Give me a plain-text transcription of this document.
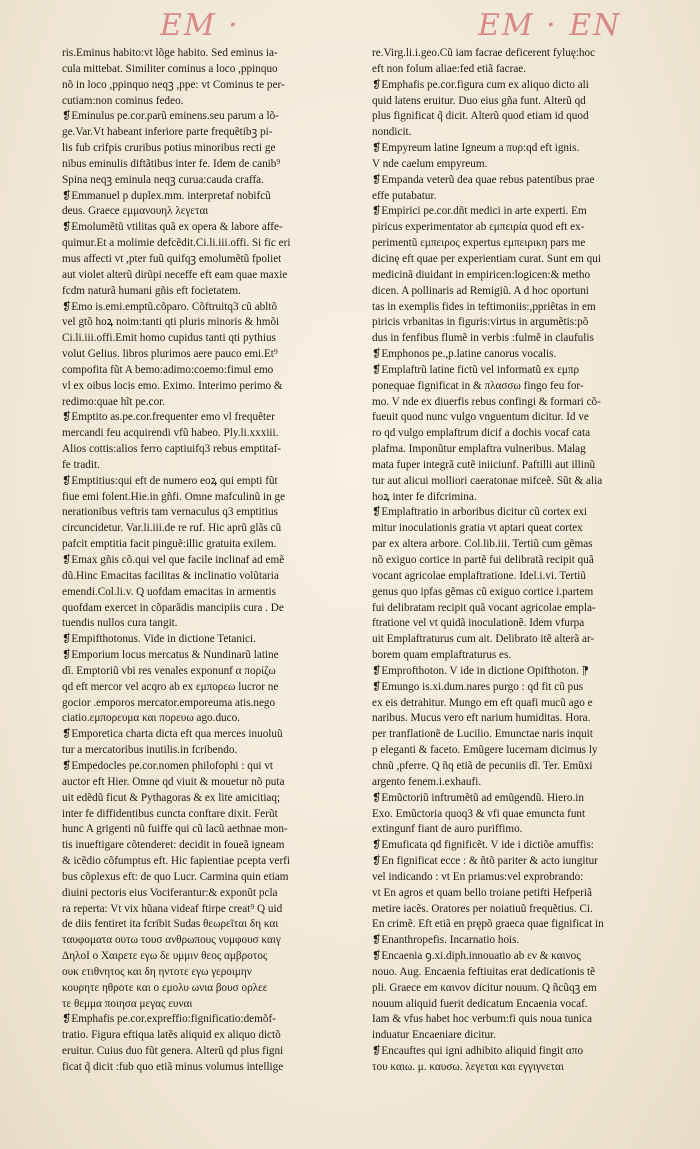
EM ·	EM · EN
ris.Eminus habito:vt lõge habito. Sed eminus ia-
cula mittebat. Similiter cominus a loco ,ppinquo
nõ in loco ,ppinquo neqꝫ ,ppe: vt Cominus te per-
cutiam:non cominus fedeo.
❡Eminulus pe.cor.parũ eminens.seu parum a lõ-
ge.Var.Vt habeant inferiore parte frequẽtibꝫ pi-
lis fub crifpis cruribus potius minoribus recti ge
nibus eminulis diftãtibus inter fe. Idem de canib⁹
Spina neqꝫ eminula neqꝫ curua:cauda craffa.
❡Emmanuel p duplex.mm. interpretaf nobifcũ
deus. Graece εμμανουηλ λεγεται
❡Emolumẽtũ vtilitas quã ex opera & labore affe-
quimur.Et a molimie defcẽdit.Ci.li.iii.offi. Si fic eri
mus affecti vt ,pter fuũ quifqꝫ emolumẽtũ fpoliet
aut violet alterũ dirũpi neceffe eft eam quae maxie
fcdm naturã humani gñis eft focietatem.
❡Emo is.emi.emptũ.cõparo. Cõftruitq3 cũ abltõ
vel gtõ hoꝝ noim:tanti qti pluris minoris & hmõi
Ci.li.iii.offi.Emit homo cupidus tanti qti pythius
volut Gelius. libros plurimos aere pauco emi.Et⁹
compofita fũt A bemo:adimo:coemo:fimul emo
vl ex oibus locis emo. Eximo. Interimo perimo &
redimo:quae hĩt pe.cor.
❡Emptito as.pe.cor.frequenter emo vl frequẽter
mercandi feu acquirendi vfũ habeo. Ply.li.xxxiii.
Alios cottis:alios ferro captiuifq3 rebus emptitaf-
fe tradit.
❡Emptitius:qui eft de numero eoꝝ qui empti fũt
fiue emi folent.Hie.in gñfi. Omne mafculinũ in ge
nerationibus veftris tam vernaculus q3 emptitius
circuncidetur. Var.li.iii.de re ruf. Hic aprũ glãs cũ
pafcit emptitia facit pinguẽ:illic gratuita exilem.
❡Emax gñis cõ.qui vel que facile inclinaf ad emẽ
dũ.Hinc Emacitas facilitas & inclinatio volũtaria
emendi.Col.li.v. Q uofdam emacitas in armentis
quofdam exercet in cõparãdis mancipiis cura . De
tuendis nullos cura tangit.
❡Empifthotonus. Vide in dictione Tetanici.
❡Emporium locus mercatus & Nundinarũ latine
dĩ. Emptoriũ vbi res venales exponunf α πορίζω
qd eft mercor vel acqro ab ex εμπορεω lucror ne
gocior .emporos mercator.emporeuma atis.nego
ciatio.εμπορευμα και πορευω ago.duco.
❡Emporetica charta dicta eft qua merces inuoluũ
tur a mercatoribus inutilis.in fcribendo.
❡Empedocles pe.cor.nomen philofophi : qui vt
auctor eft Hier. Omne qd viuit & mouetur nõ puta
uit edẽdũ ficut & Pythagoras & ex lite amicitiaq;
inter fe diffidentibus cuncta conftare dixit. Ferũt
hunc A grigenti nũ fuiffe qui cũ lacũ aethnae mon-
tis inueftigare cõtenderet: decidit in foueã igneam
& icẽdio cõfumptus eft. Hic fapientiae pcepta verfi
bus cõplexus eft: de quo Lucr. Carmina quin etiam
diuini pectoris eius Vociferantur:& exponũt pcla
ra reperta: Vt vix hũana videaf ftirpe creat⁹ Q uid
de diis fentiret ita fcribit Sudas θεωρεῖται δη και
ταυφοματα ουτω τουσ ανθρωπους νυμφουσ καιγ
ΔηλοΙ ο Χαιρετε εγω δε υμμιν θεος αμβροτος
ουκ ετιθνητος και δη ηντοτε εγω γεροιμην
κουρητε ηθροτε και ο εμολυ ωνια βουσ ορλεε
τε θεμμα ποιησα μεγας ευναι
❡Emphafis pe.cor.expreffio:fignificatio:demõf-
tratio. Figura eftiqua latẽs aliquid ex aliquo dictõ
eruitur. Cuius duo fũt genera. Alterũ qd plus figni
ficat q̃ dicit :fub quo etiã minus volumus intellige
re.Virg.li.i.geo.Cũ iam facrae deficerent fyluę:hoc
eft non folum aliae:fed etiã facrae.
❡Emphafis pe.cor.figura cum ex aliquo dicto ali
quid latens eruitur. Duo eius gña funt. Alterũ qd
plus fignificat q̃ dicit. Alterũ quod etiam id quod
nondicit.
❡Empyreum latine Igneum a πυρ:qd eft ignis.
V nde caelum empyreum.
❡Empanda veterũ dea quae rebus patentibus prae
effe putabatur.
❡Empirici pe.cor.dñt medici in arte experti. Em
piricus experimentator ab εμπειρία quod eft ex-
perimentũ εμπειρος expertus εμπειρικη pars me
dicinę eft quae per experientiam curat. Sunt em qui
medicinã diuidant in empiricen:logicen:& metho
dicen. A pollinaris ad Remigiũ. A d hoc oportuni
tas in exemplis fides in teftimoniis:,ppriẽtas in em
piricis vrbanitas in figuris:virtus in argumẽtis:põ
dus in fenfibus flumẽ in verbis :fulmẽ in claufulis
❡Emphonos pe.,p.latine canorus vocalis.
❡Emplaftrũ latine fictũ vel informatũ ex εμπρ
ponequae fignificat in & πλασσω fingo feu for-
mo. V nde ex diuerfis rebus confingi & formari cõ-
fueuit quod nunc vulgo vnguentum dicitur. Id ve
ro qd vulgo emplaftrum dicif a dochis vocaf cata
plafma. Imponũtur emplaftra vulneribus. Malag
mata fuper integrã cutẽ iniiciunf. Paftilli aut illinũ
tur aut alicui molliori caeratonae mifceẽ. Sũt & alia
hoꝝ inter fe difcrimina.
❡Emplaftratio in arboribus dicitur cũ cortex exi
mitur inoculationis gratia vt aptari queat cortex
par ex altera arbore. Col.lib.iii. Tertiũ cum gẽmas
nõ exiguo cortice in partẽ fui delibratã recipit quã
vocant agricolae emplaftratione. Idel.i.vi. Tertiũ
genus quo ipfas gẽmas cũ exiguo cortice i.partem
fui delibratam recipit quã vocant agricolae empla-
ftratione vel vt quidã inoculationẽ. Idem vfurpa
uit Emplaftraturus cum ait. Delibrato itẽ alterã ar-
borem quam emplaftraturus es.
❡Emprofthoton. V ide in dictione Opifthoton. ⁋
❡Emungo is.xi.dum.nares purgo : qd fit cũ pus
ex eis detrahitur. Mungo em eft quafi mucũ ago e
naribus. Mucus vero eft narium humiditas. Hora.
per tranflationẽ de Lucilio. Emunctae naris inquit
p eleganti & faceto. Emũgere lucernam dicimus ly
chnũ ,pferre. Q ñq etiã de pecuniis dĩ. Ter. Emũxi
argento fenem.i.exhaufi.
❡Emũctoriũ inftrumẽtũ ad emũgendũ. Hiero.in
Exo. Emũctoria quoq3 & vfi quae emuncta funt
extingunf fiant de auro puriffimo.
❡Emuficata qd fignificẽt. V ide i dictiõe amuffis:
❡En fignificat ecce : & ñtõ pariter & acto iungitur
vel indicando : vt En priamus:vel exprobrando:
vt En agros et quam bello troiane petifti Hefperiã
metire iacẽs. Oratores per noiatiuũ frequẽtius. Ci.
En crimẽ. Eft etiã en prępõ graeca quae fignificat in
❡Enanthropefis. Incarnatio hois.
❡Encaenia ꝯ.xi.diph.innouatio ab εν & καινος
nouo. Aug. Encaenia feftiuitas erat dedicationis tẽ
pli. Graece em καινον dicitur nouum. Q ñcũqꝫ em
nouum aliquid fuerit dedicatum Encaenia vocaf.
Iam & vfus habet hoc verbum:fi quis noua tunica
induatur Encaeniare dicitur.
❡Encauftes qui igni adhibito aliquid fingit απο
του καιω. μ. καυσω. λεγεται και εγγιγνεται
